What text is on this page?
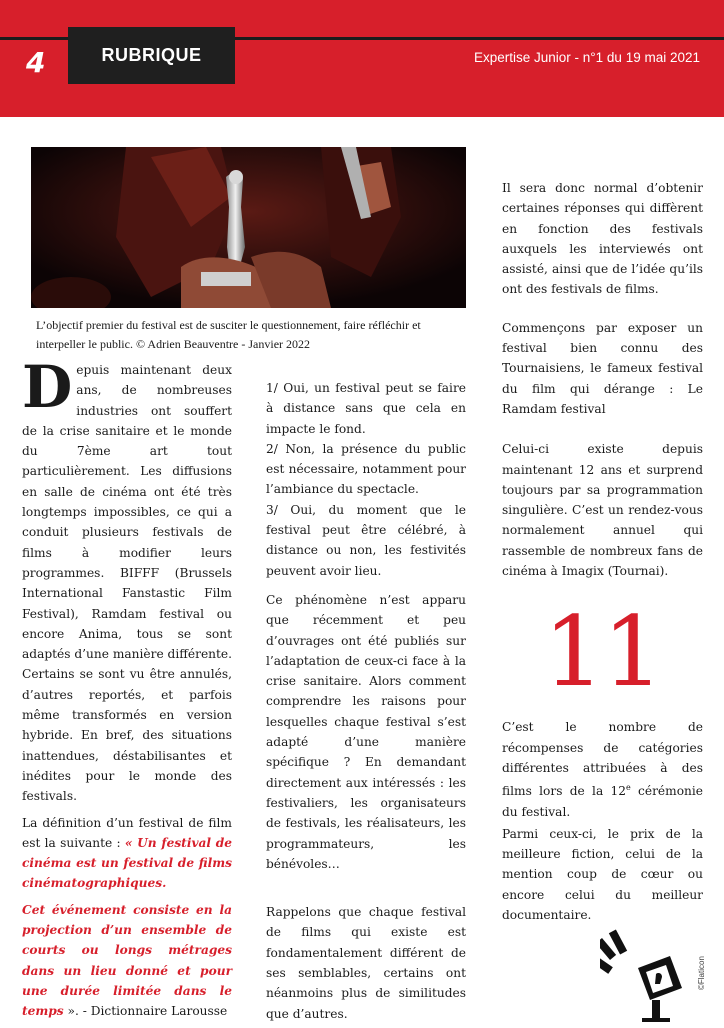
4	RUBRIQUE	Expertise Junior - n°1 du 19 mai 2021
L’objectif premier du festival est de susciter le questionnement, faire réfléchir et interpeller le public. © Adrien Beauventre - Janvier 2022

Depuis maintenant deux ans, de nombreuses industries ont souffert de la crise sanitaire et le monde du 7ème art tout particulièrement. Les diffusions en salle de cinéma ont été très longtemps impossibles, ce qui a conduit plusieurs festivals de films à modifier leurs programmes. BIFFF (Brussels International Fanstastic Film Festival), Ramdam festival ou encore Anima, tous se sont adaptés d’une manière différente. Certains se sont vu être annulés, d’autres reportés, et parfois même transformés en version hybride. En bref, des situations inattendues, déstabilisantes et inédites pour le monde des festivals.

La définition d’un festival de film est la suivante : « Un festival de cinéma est un festival de films cinématographiques.

Cet événement consiste en la projection d’un ensemble de courts ou longs métrages dans un lieu donné et pour une durée limitée dans le temps ». - Dictionnaire Larousse

1/ Oui, un festival peut se faire à distance sans que cela en impacte le fond.

2/ Non, la présence du public est nécessaire, notamment pour l’ambiance du spectacle.

3/ Oui, du moment que le festival peut être célébré, à distance ou non, les festivités peuvent avoir lieu.

Ce phénomène n’est apparu que récemment et peu d’ouvrages ont été publiés sur l’adaptation de ceux-ci face à la crise sanitaire. Alors comment comprendre les raisons pour lesquelles chaque festival s’est adapté d’une manière spécifique ? En demandant directement aux intéressés : les festivaliers, les organisateurs de festivals, les réalisateurs, les programmateurs, les bénévoles…

Rappelons que chaque festival de films qui existe est fondamentalement différent de ses semblables, certains ont néanmoins plus de similitudes que d’autres.

Il sera donc normal d’obtenir certaines réponses qui diffèrent en fonction des festivals auxquels les interviewés ont assisté, ainsi que de l’idée qu’ils ont des festivals de films.

Commençons par exposer un festival bien connu des Tournaisiens, le fameux festival du film qui dérange : Le Ramdam festival

Celui-ci existe depuis maintenant 12 ans et surprend toujours par sa programmation singulière. C’est un rendez-vous normalement annuel qui rassemble de nombreux fans de cinéma à Imagix (Tournai).

11

C’est le nombre de récompenses de catégories différentes attribuées à des films lors de la 12e cérémonie du festival.

Parmi ceux-ci, le prix de la meilleure fiction, celui de la mention coup de cœur ou encore celui du meilleur documentaire.

©Flaticon
